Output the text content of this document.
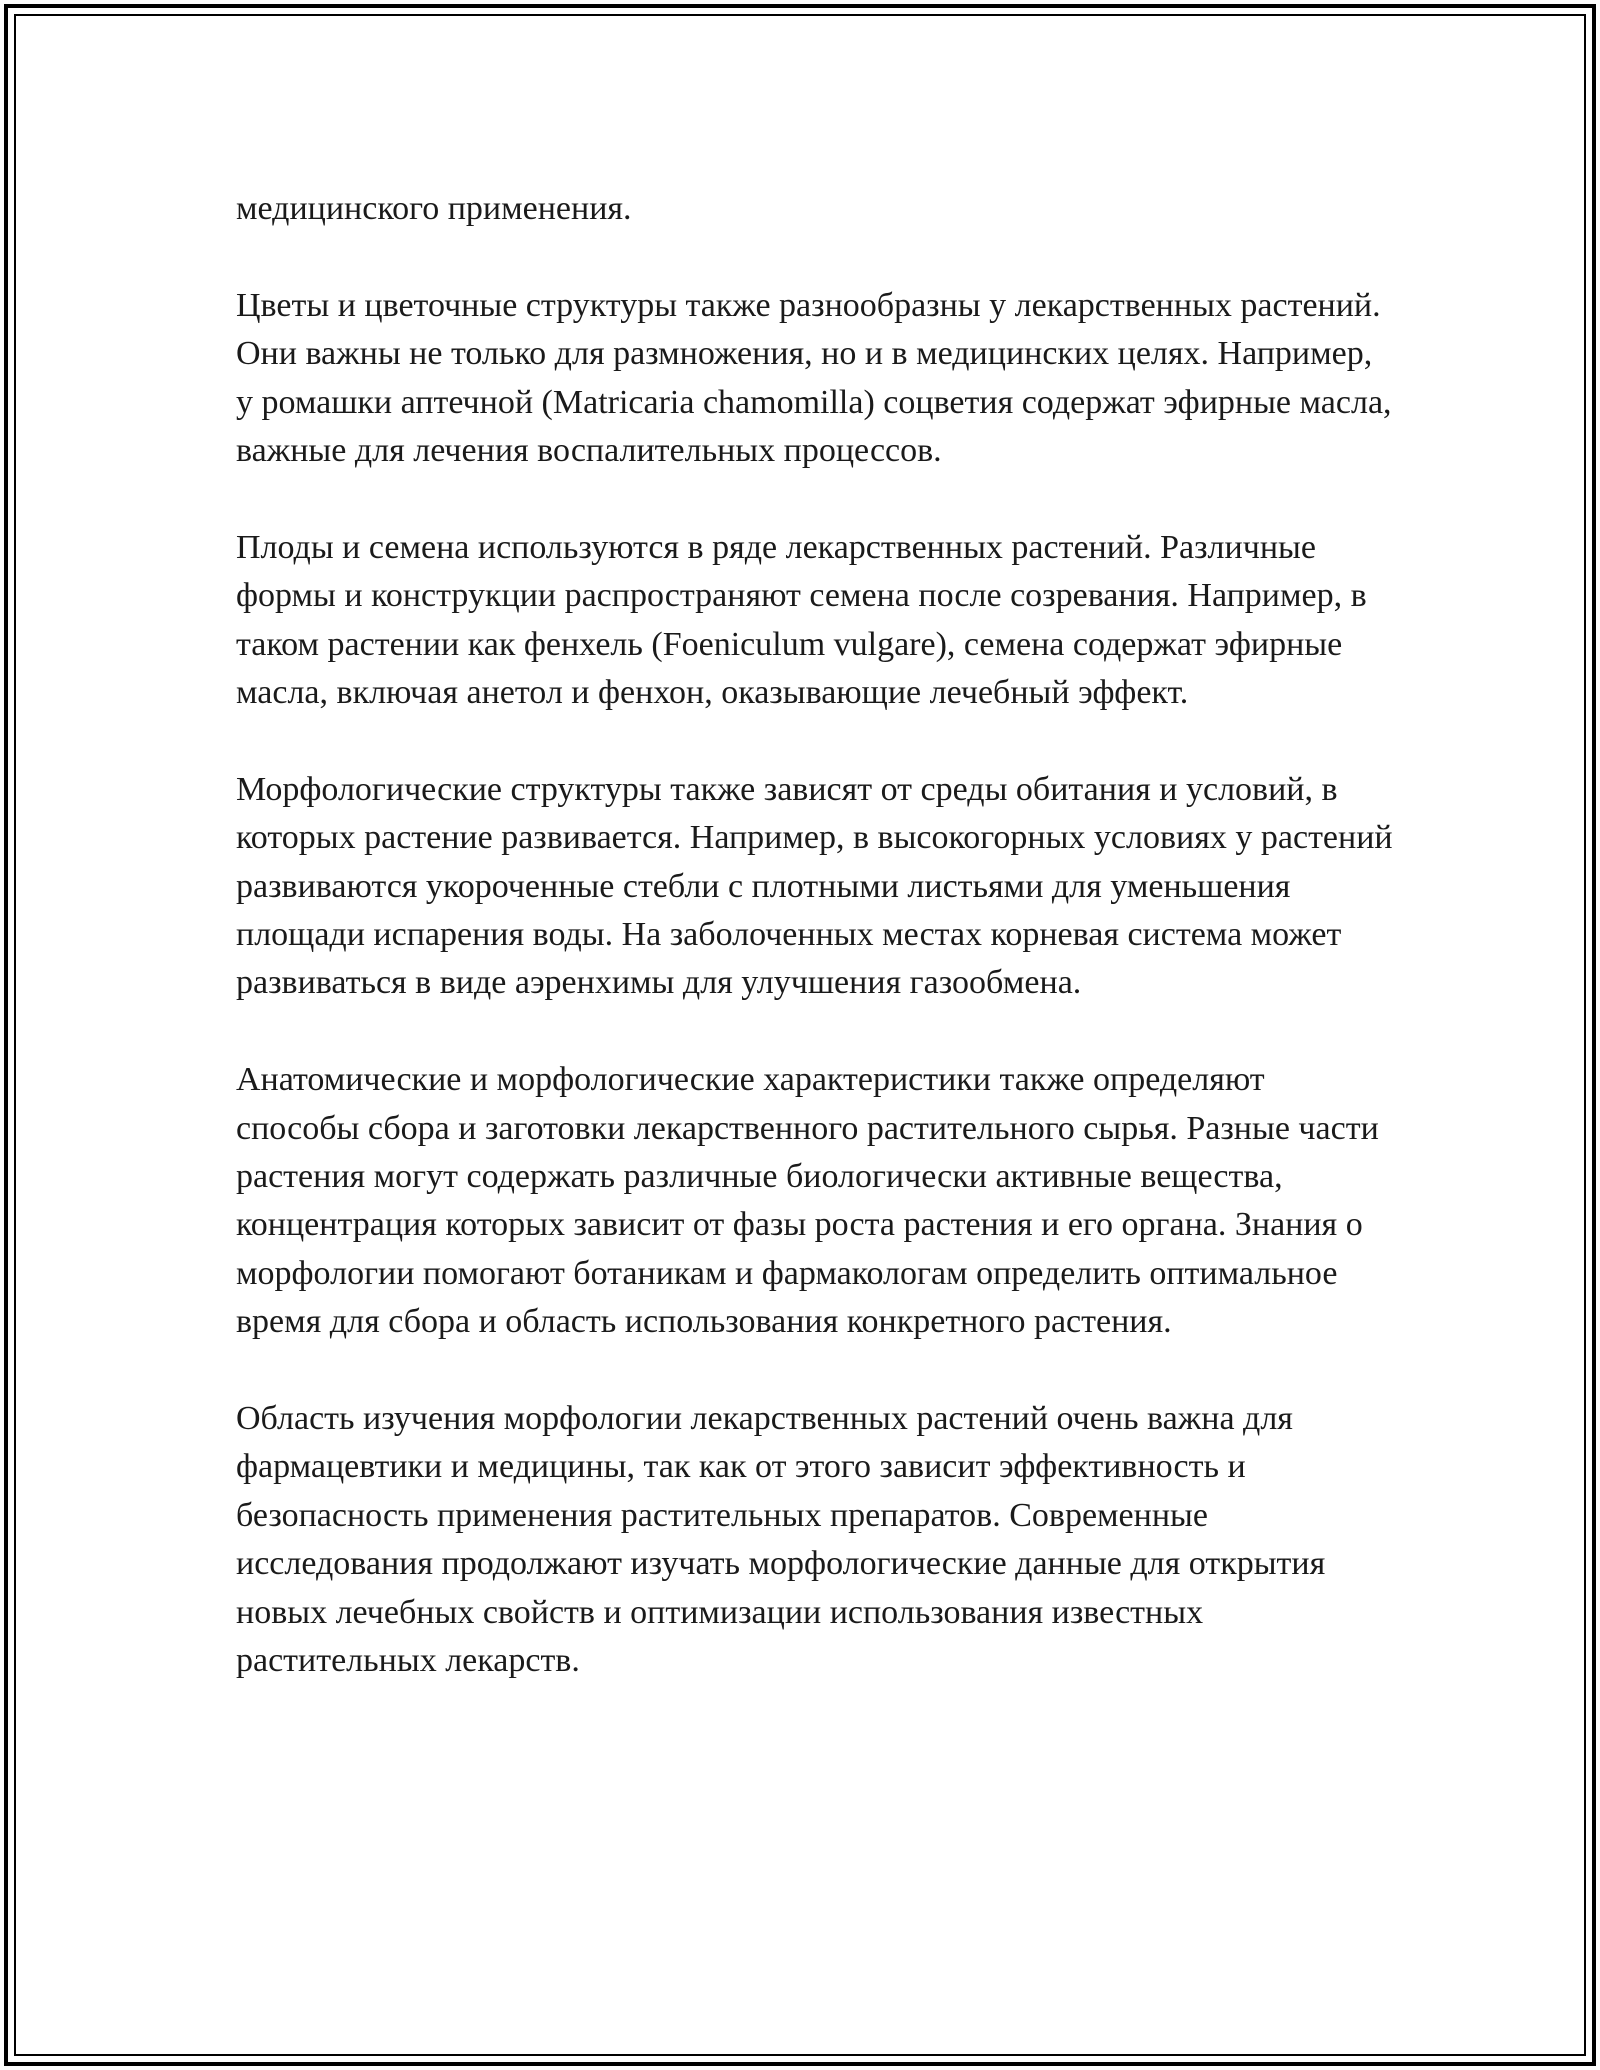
медицинского применения.

Цветы и цветочные структуры также разнообразны у лекарственных растений. Они важны не только для размножения, но и в медицинских целях. Например, у ромашки аптечной (Matricaria chamomilla) соцветия содержат эфирные масла, важные для лечения воспалительных процессов.

Плоды и семена используются в ряде лекарственных растений. Различные формы и конструкции распространяют семена после созревания. Например, в таком растении как фенхель (Foeniculum vulgare), семена содержат эфирные масла, включая анетол и фенхон, оказывающие лечебный эффект.

Морфологические структуры также зависят от среды обитания и условий, в которых растение развивается. Например, в высокогорных условиях у растений развиваются укороченные стебли с плотными листьями для уменьшения площади испарения воды. На заболоченных местах корневая система может развиваться в виде аэренхимы для улучшения газообмена.

Анатомические и морфологические характеристики также определяют способы сбора и заготовки лекарственного растительного сырья. Разные части растения могут содержать различные биологически активные вещества, концентрация которых зависит от фазы роста растения и его органа. Знания о морфологии помогают ботаникам и фармакологам определить оптимальное время для сбора и область использования конкретного растения.

Область изучения морфологии лекарственных растений очень важна для фармацевтики и медицины, так как от этого зависит эффективность и безопасность применения растительных препаратов. Современные исследования продолжают изучать морфологические данные для открытия новых лечебных свойств и оптимизации использования известных растительных лекарств.
